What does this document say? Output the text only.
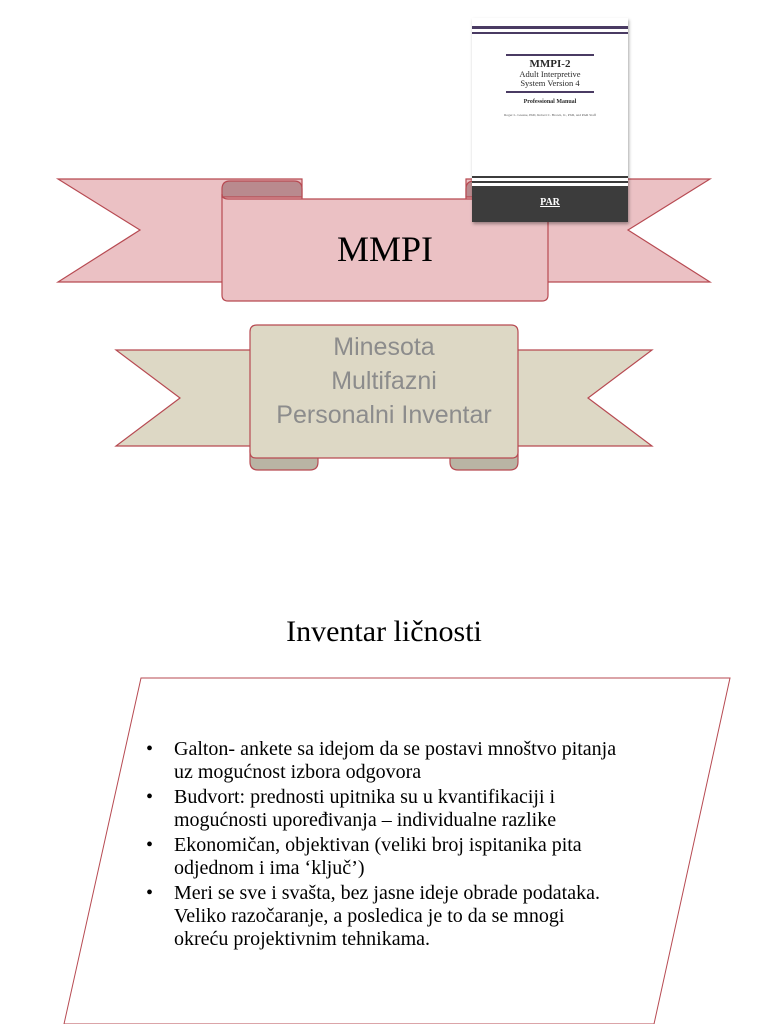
MMPI-2
Adult Interpretive
System Version 4
Professional Manual
Roger L. Greene, PhD, Robert C. Brown, Jr., PhD, and PAR Staff
PAR
MMPI
Minesota
Multifazni
Personalni Inventar
Inventar ličnosti
• Galton- ankete sa idejom da se postavi mnoštvo pitanja uz mogućnost izbora odgovora
• Budvort: prednosti upitnika su u kvantifikaciji i mogućnosti upoređivanja – individualne razlike
• Ekonomičan, objektivan (veliki broj ispitanika pita odjednom i ima ‘ključ’)
• Meri se sve i svašta, bez jasne ideje obrade podataka. Veliko razočaranje, a posledica je to da se mnogi okreću projektivnim tehnikama.
